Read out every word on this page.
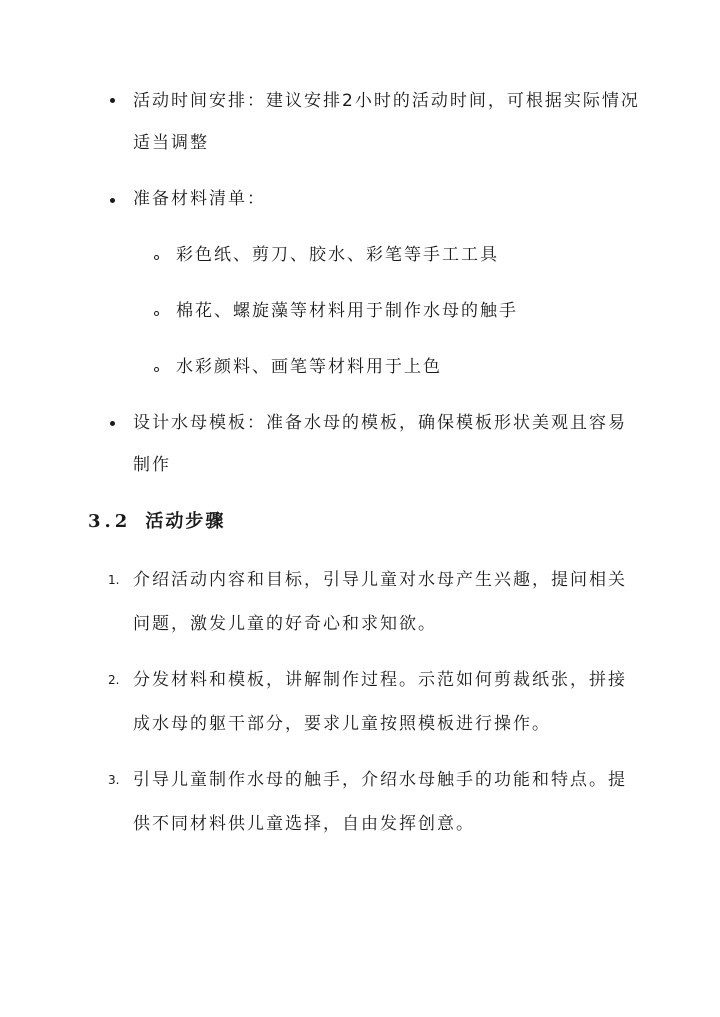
活动时间安排：建议安排2小时的活动时间，可根据实际情况
适当调整
准备材料清单：
彩色纸、剪刀、胶水、彩笔等手工工具
棉花、螺旋藻等材料用于制作水母的触手
水彩颜料、画笔等材料用于上色
设计水母模板：准备水母的模板，确保模板形状美观且容易
制作
3.2 活动步骤
1. 介绍活动内容和目标，引导儿童对水母产生兴趣，提问相关
问题，激发儿童的好奇心和求知欲。
2. 分发材料和模板，讲解制作过程。示范如何剪裁纸张，拼接
成水母的躯干部分，要求儿童按照模板进行操作。
3. 引导儿童制作水母的触手，介绍水母触手的功能和特点。提
供不同材料供儿童选择，自由发挥创意。
